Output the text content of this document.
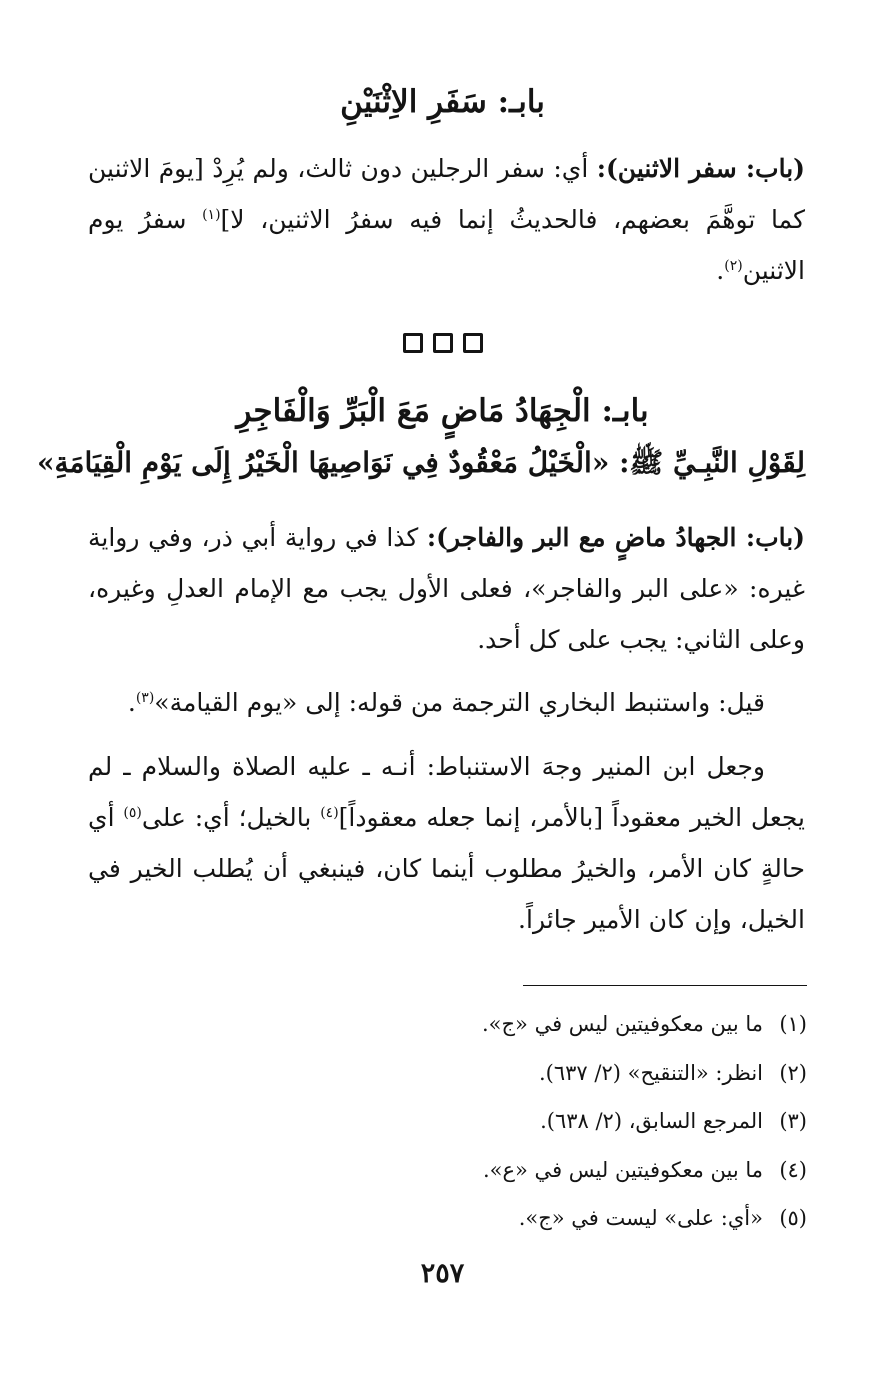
بابـ: سَفَرِ الاِثْنَيْنِ

(باب: سفر الاثنين): أي: سفر الرجلين دون ثالث، ولم يُرِدْ [يومَ الاثنين كما توهَّمَ بعضهم، فالحديثُ إنما فيه سفرُ الاثنين، لا]$^{(١)}$ سفرُ يوم الاثنين$^{(٢)}$.

بابـ: الْجِهَادُ مَاضٍ مَعَ الْبَرِّ وَالْفَاجِرِ
لِقَوْلِ النَّبِـيِّ ﷺ: «الْخَيْلُ مَعْقُودٌ فِي نَوَاصِيهَا الْخَيْرُ إِلَى يَوْمِ الْقِيَامَةِ»

(باب: الجهادُ ماضٍ مع البر والفاجر): كذا في رواية أبي ذر، وفي رواية غيره: «على البر والفاجر»، فعلى الأول يجب مع الإمام العدلِ وغيره، وعلى الثاني: يجب على كل أحد.

قيل: واستنبط البخاري الترجمة من قوله: إلى «يوم القيامة»$^{(٣)}$.

وجعل ابن المنير وجهَ الاستنباط: أنـه ـ عليه الصلاة والسلام ـ لم يجعل الخير معقوداً [بالأمر، إنما جعله معقوداً]$^{(٤)}$ بالخيل؛ أي: على$^{(٥)}$ أي حالةٍ كان الأمر، والخيرُ مطلوب أينما كان، فينبغي أن يُطلب الخير في الخيل، وإن كان الأمير جائراً.

(١)ما بين معكوفيتين ليس في «ج».
(٢)انظر: «التنقيح» (٢/ ٦٣٧).
(٣)المرجع السابق، (٢/ ٦٣٨).
(٤)ما بين معكوفيتين ليس في «ع».
(٥)«أي: على» ليست في «ج».
٢٥٧
